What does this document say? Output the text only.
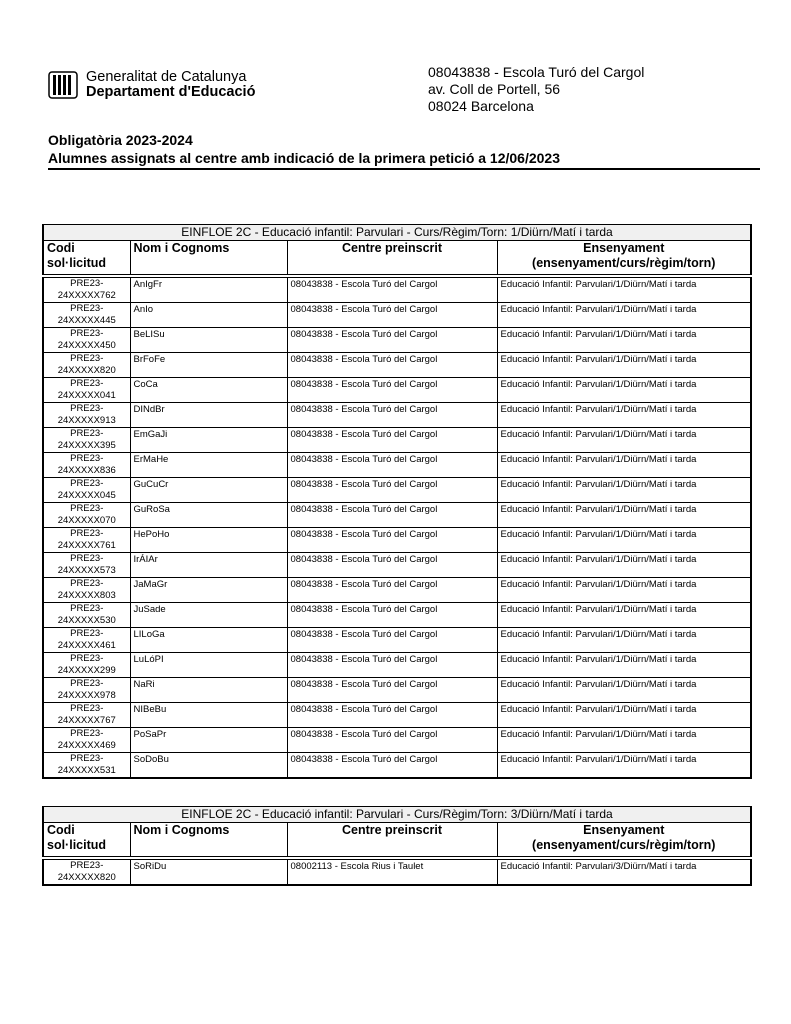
Generalitat de Catalunya
Departament d'Educació
08043838 - Escola Turó del Cargol
av. Coll de Portell, 56
08024 Barcelona
Obligatòria 2023-2024
Alumnes assignats al centre amb indicació de la primera petició a 12/06/2023
EINFLOE 2C - Educació infantil: Parvulari - Curs/Règim/Torn: 1/Diürn/Matí i tarda			
Codi sol·licitud	Nom i Cognoms	Centre preinscrit	Ensenyament
(ensenyament/curs/règim/torn)

PRE23-
24XXXXX762	AnIgFr	08043838 - Escola Turó del Cargol	Educació Infantil: Parvulari/1/Diürn/Matí i tarda

PRE23-
24XXXXX445	AnIo	08043838 - Escola Turó del Cargol	Educació Infantil: Parvulari/1/Diürn/Matí i tarda

PRE23-
24XXXXX450	BeLISu	08043838 - Escola Turó del Cargol	Educació Infantil: Parvulari/1/Diürn/Matí i tarda

PRE23-
24XXXXX820	BrFoFe	08043838 - Escola Turó del Cargol	Educació Infantil: Parvulari/1/Diürn/Matí i tarda

PRE23-
24XXXXX041	CoCa	08043838 - Escola Turó del Cargol	Educació Infantil: Parvulari/1/Diürn/Matí i tarda

PRE23-
24XXXXX913	DINdBr	08043838 - Escola Turó del Cargol	Educació Infantil: Parvulari/1/Diürn/Matí i tarda

PRE23-
24XXXXX395	EmGaJi	08043838 - Escola Turó del Cargol	Educació Infantil: Parvulari/1/Diürn/Matí i tarda

PRE23-
24XXXXX836	ErMaHe	08043838 - Escola Turó del Cargol	Educació Infantil: Parvulari/1/Diürn/Matí i tarda

PRE23-
24XXXXX045	GuCuCr	08043838 - Escola Turó del Cargol	Educació Infantil: Parvulari/1/Diürn/Matí i tarda

PRE23-
24XXXXX070	GuRoSa	08043838 - Escola Turó del Cargol	Educació Infantil: Parvulari/1/Diürn/Matí i tarda

PRE23-
24XXXXX761	HePoHo	08043838 - Escola Turó del Cargol	Educació Infantil: Parvulari/1/Diürn/Matí i tarda

PRE23-
24XXXXX573	IrÁIAr	08043838 - Escola Turó del Cargol	Educació Infantil: Parvulari/1/Diürn/Matí i tarda

PRE23-
24XXXXX803	JaMaGr	08043838 - Escola Turó del Cargol	Educació Infantil: Parvulari/1/Diürn/Matí i tarda

PRE23-
24XXXXX530	JuSade	08043838 - Escola Turó del Cargol	Educació Infantil: Parvulari/1/Diürn/Matí i tarda

PRE23-
24XXXXX461	LILoGa	08043838 - Escola Turó del Cargol	Educació Infantil: Parvulari/1/Diürn/Matí i tarda

PRE23-
24XXXXX299	LuLóPI	08043838 - Escola Turó del Cargol	Educació Infantil: Parvulari/1/Diürn/Matí i tarda

PRE23-
24XXXXX978	NaRi	08043838 - Escola Turó del Cargol	Educació Infantil: Parvulari/1/Diürn/Matí i tarda

PRE23-
24XXXXX767	NIBeBu	08043838 - Escola Turó del Cargol	Educació Infantil: Parvulari/1/Diürn/Matí i tarda

PRE23-
24XXXXX469	PoSaPr	08043838 - Escola Turó del Cargol	Educació Infantil: Parvulari/1/Diürn/Matí i tarda

PRE23-
24XXXXX531	SoDoBu	08043838 - Escola Turó del Cargol	Educació Infantil: Parvulari/1/Diürn/Matí i tarda
EINFLOE 2C - Educació infantil: Parvulari - Curs/Règim/Torn: 3/Diürn/Matí i tarda			
Codi sol·licitud	Nom i Cognoms	Centre preinscrit	Ensenyament
(ensenyament/curs/règim/torn)

PRE23-
24XXXXX820	SoRiDu	08002113 - Escola Rius i Taulet	Educació Infantil: Parvulari/3/Diürn/Matí i tarda
